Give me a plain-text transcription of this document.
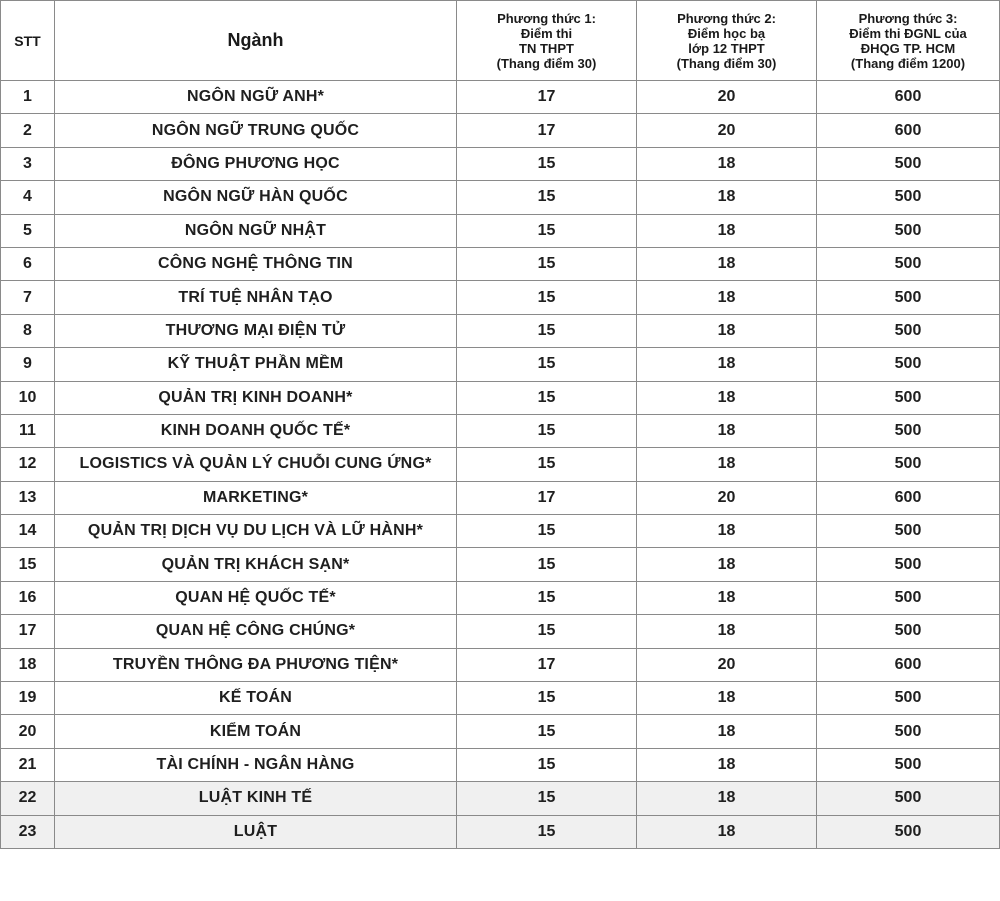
STT	Ngành	Phương thức 1:
Điểm thi
TN THPT
(Thang điểm 30)	Phương thức 2:
Điểm học bạ
lớp 12 THPT
(Thang điểm 30)	Phương thức 3:
Điểm thi ĐGNL của
ĐHQG TP. HCM
(Thang điểm 1200)

1	NGÔN NGỮ ANH*	17	20	600
2	NGÔN NGỮ TRUNG QUỐC	17	20	600
3	ĐÔNG PHƯƠNG HỌC	15	18	500
4	NGÔN NGỮ HÀN QUỐC	15	18	500
5	NGÔN NGỮ NHẬT	15	18	500
6	CÔNG NGHỆ THÔNG TIN	15	18	500
7	TRÍ TUỆ NHÂN TẠO	15	18	500
8	THƯƠNG MẠI ĐIỆN TỬ	15	18	500
9	KỸ THUẬT PHẦN MỀM	15	18	500
10	QUẢN TRỊ KINH DOANH*	15	18	500
11	KINH DOANH QUỐC TẾ*	15	18	500
12	LOGISTICS VÀ QUẢN LÝ CHUỖI CUNG ỨNG*	15	18	500
13	MARKETING*	17	20	600
14	QUẢN TRỊ DỊCH VỤ DU LỊCH VÀ LỮ HÀNH*	15	18	500
15	QUẢN TRỊ KHÁCH SẠN*	15	18	500
16	QUAN HỆ QUỐC TẾ*	15	18	500
17	QUAN HỆ CÔNG CHÚNG*	15	18	500
18	TRUYỀN THÔNG ĐA PHƯƠNG TIỆN*	17	20	600
19	KẾ TOÁN	15	18	500
20	KIỂM TOÁN	15	18	500
21	TÀI CHÍNH - NGÂN HÀNG	15	18	500
22	LUẬT KINH TẾ	15	18	500
23	LUẬT	15	18	500
